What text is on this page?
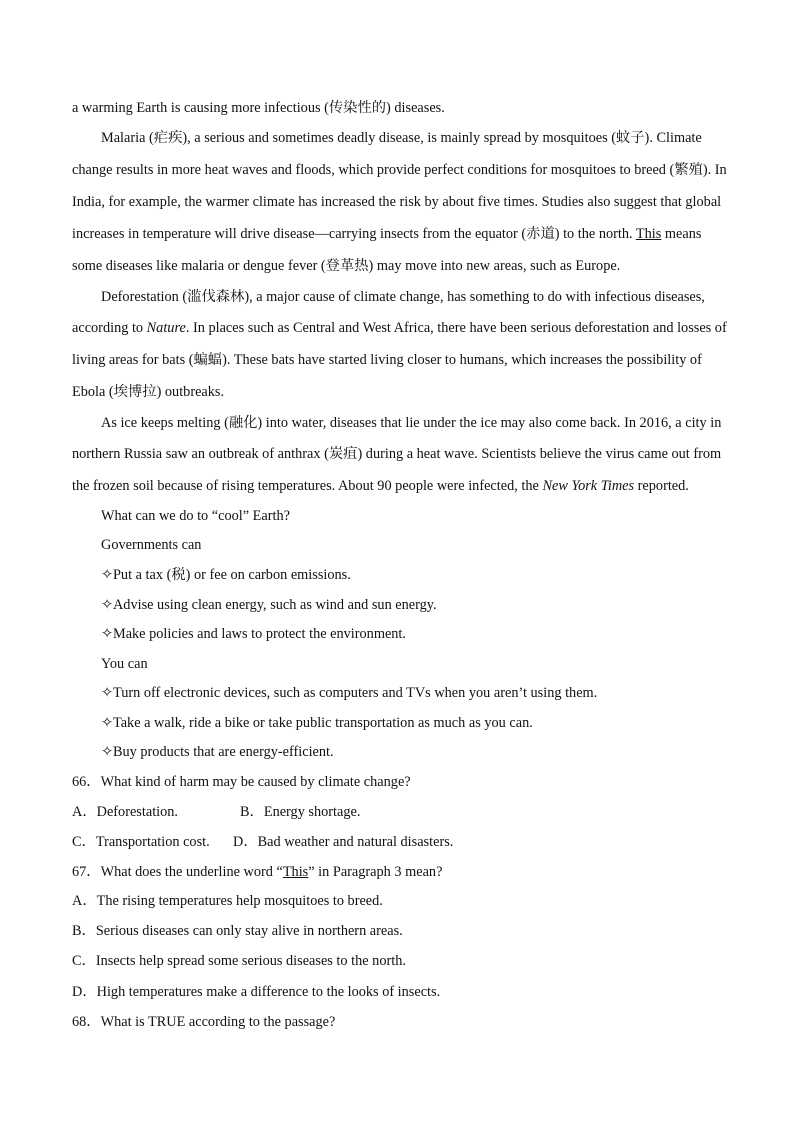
a warming Earth is causing more infectious (传染性的) diseases.
Malaria (疟疾), a serious and sometimes deadly disease, is mainly spread by mosquitoes (蚊子). Climate
change results in more heat waves and floods, which provide perfect conditions for mosquitoes to breed (繁殖). In
India, for example, the warmer climate has increased the risk by about five times. Studies also suggest that global
increases in temperature will drive disease—carrying insects from the equator (赤道) to the north. This means
some diseases like malaria or dengue fever (登革热) may move into new areas, such as Europe.
Deforestation (滥伐森林), a major cause of climate change, has something to do with infectious diseases,
according to Nature. In places such as Central and West Africa, there have been serious deforestation and losses of
living areas for bats (蝙蝠). These bats have started living closer to humans, which increases the possibility of
Ebola (埃博拉) outbreaks.
As ice keeps melting (融化) into water, diseases that lie under the ice may also come back. In 2016, a city in
northern Russia saw an outbreak of anthrax (炭疽) during a heat wave. Scientists believe the virus came out from
the frozen soil because of rising temperatures. About 90 people were infected, the New York Times reported.
What can we do to “cool” Earth?
Governments can
✧Put a tax (税) or fee on carbon emissions.
✧Advise using clean energy, such as wind and sun energy.
✧Make policies and laws to protect the environment.
You can
✧Turn off electronic devices, such as computers and TVs when you aren’t using them.
✧Take a walk, ride a bike or take public transportation as much as you can.
✧Buy products that are energy-efficient.
66．What kind of harm may be caused by climate change?
A．Deforestation.	B．Energy shortage.
C．Transportation cost. D．Bad weather and natural disasters.
67．What does the underline word “This” in Paragraph 3 mean?
A．The rising temperatures help mosquitoes to breed.
B．Serious diseases can only stay alive in northern areas.
C．Insects help spread some serious diseases to the north.
D．High temperatures make a difference to the looks of insects.
68．What is TRUE according to the passage?
